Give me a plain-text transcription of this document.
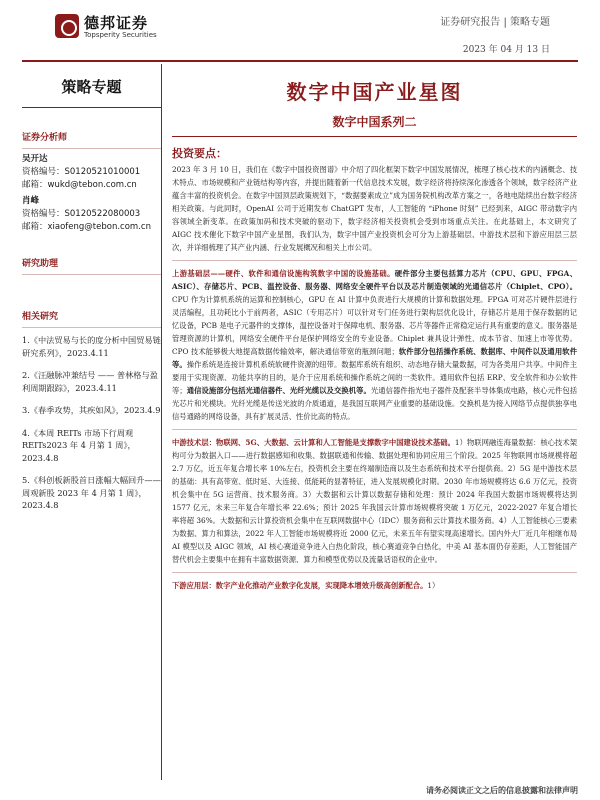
德邦证券
Topsperity Securities
证券研究报告 | 策略专题
2023 年 04 月 13 日
策略专题
证券分析师
吴开达
资格编号：S0120521010001
邮箱：wukd@tebon.com.cn
肖峰
资格编号：S0120522080003
邮箱：xiaofeng@tebon.com.cn
研究助理
相关研究
1.《中法贸易与长的度分析中国贸易链研究系列》，2023.4.11
2.《汪融脉冲兼结号 —— 普林格与盈利周期跟踪》，2023.4.11
3.《春季攻势，其疾如风》，2023.4.9
4.《本周 REITs 市场下行周观 REITs2023 年 4 月第 1 周》，2023.4.8
5.《科创板新股首日涨幅大幅回升——周观新股 2023 年 4 月第 1 周》，2023.4.8
数字中国产业星图
数字中国系列二
投资要点：

2023 年 3 月 10 日，我们在《数字中国投资图谱》中介绍了四化框架下数字中国发展情况，梳理了核心技术的内涵概念、技术特点、市场规模和产业链结构等内容，并提出随着新一代信息技术发展，数字经济将持续深化渗透各个领域，数字经济产业蕴含丰富的投资机会。在数字中国顶层政策规划下，“数据要素成立”成为国务院机构改革方案之一，各地电陆续出台数字经济相关政策。与此同时，OpenAI 公司于近期发布 ChatGPT 发布，人工智能的 “iPhone 时刻” 已经到来，AIGC 带动数字内容领域全新变革。在政策加码和技术突破的驱动下，数字经济相关投资机会受到市场重点关注。在此基础上，本文研究了 AIGC 技术催化下数字中国产业星图，我们认为，数字中国产业投资机会可分为上游基础层、中游技术层和下游应用层三层次，并详细梳理了其产业内涵、行业发展概况和相关上市公司。

上游基础层——硬件、软件和通信设施构筑数字中国的设施基础。硬件部分主要包括算力芯片（CPU、GPU、FPGA、ASIC）、存储芯片、PCB、温控设备、服务器、网络安全硬件平台以及芯片制造领域的光通信芯片（Chiplet、CPO）。CPU 作为计算机系统的运算和控制核心，GPU 在 AI 计算中负责进行大规模的计算和数据处理。FPGA 可对芯片硬件层进行灵活编程，且功耗比小于前两者，ASIC（专用芯片）可以针对专门任务进行架构层优化设计，存储芯片是用于保存数据的记忆设备，PCB 是电子元器件的支撑体，温控设备对于保障电机、服务器、芯片等器件正常稳定运行具有重要的意义。服务器是管理资源的计算机，网络安全硬件平台是保护网络安全的专业设备。Chiplet 兼具设计弹性、成本节省、加速上市等优势。CPO 技术能够极大地提高数据传输效率，解决通信带宽的瓶颈问题；软件部分包括操作系统、数据库、中间件以及通用软件等。操作系统是连接计算机系统软硬件资源的纽带。数据库系统有组织、动态地存储大量数据，可为各类用户共享。中间件主要用于实现资源、功能共享的目的，是介于应用系统和操作系统之间的一类软件。通用软件包括 ERP、安全软件和办公软件等；通信设施部分包括光通信器件、光纤光缆以及交换机等。光通信器件指光电子器件及配套半导体集成电路，核心元件包括光芯片和光模块。光纤光缆是传送光波的介质通道，是我国互联网产业重要的基础设施。交换机是为接入网络节点提供独享电信号通路的网络设备，具有扩展灵活、性价比高的特点。

中游技术层：物联网、5G、大数据、云计算和人工智能是支撑数字中国建设技术基础。1）物联网融连海量数据：核心技术架构可分为数据入口——进行数据感知和收集、数据联通和传输、数据处理和协同应用三个阶段。2025 年物联网市场规模将超 2.7 万亿，近五年复合增长率 10%左右，投资机会主要在终端制造商以及生态系统和技术平台提供商。2）5G 是中游技术层的基础：具有高带宽、低时延、大连接、低能耗的显著特征，进入发展规模化时期。2030 年市场规模将达 6.6 万亿元，投资机会集中在 5G 运营商、技术服务商。3）大数据和云计算以数据存储和处理：预计 2024 年我国大数据市场规模将达到 1577 亿元，未来三年复合年增长率 22.6%；预计 2025 年我国云计算市场规模将突破 1 万亿元，2022-2027 年复合增长率将超 36%。大数据和云计算投资机会集中在互联网数据中心（IDC）服务商和云计算技术服务商。4）人工智能核心三要素为数据、算力和算法，2022 年人工智能市场规模将近 2000 亿元，未来五年有望实现高速增长。国内外大厂近几年相继布局 AI 模型以及 AIGC 领域，AI 核心赛道竞争进入白热化阶段，核心赛道竞争白热化，中美 AI 基本面仍存差距，人工智能国产替代机会主要集中在拥有丰富数据资源、算力和模型优势以及流量话语权的企业中。

下游应用层：数字产业化推动产业数字化发展，实现降本增效升级高创新配合。1）

请务必阅读正文之后的信息披露和法律声明
